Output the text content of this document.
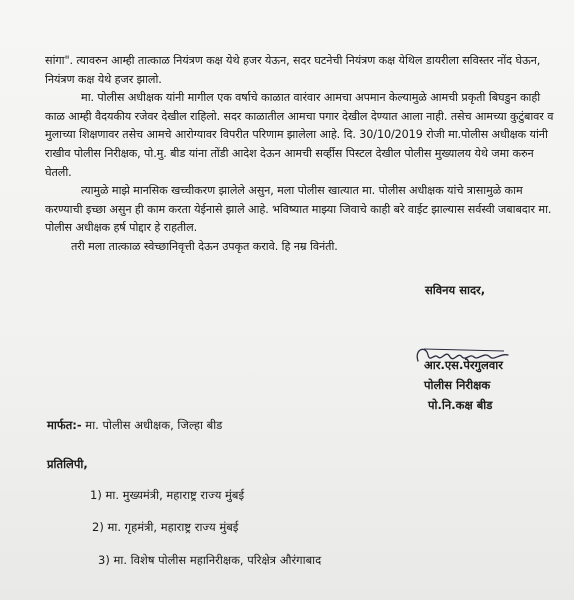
सांगा". त्यावरुन आम्ही तात्काळ नियंत्रण कक्ष येथे हजर येऊन, सदर घटनेची नियंत्रण कक्ष येथिल डायरीला सविस्तर नोंद घेऊन, नियंत्रण कक्ष येथे हजर झालो.

मा. पोलीस अधीक्षक यांनी मागील एक वर्षाचे काळात वारंवार आमचा अपमान केल्यामुळे आमची प्रकृती बिघडुन काही काळ आम्ही वैदयकीय रजेवर देखील राहिलो. सदर काळातील आमचा पगार देखील देण्यात आला नाही. तसेच आमच्या कुटुंबावर व मुलाच्या शिक्षणावर तसेच आमचे आरोग्यावर विपरीत परिणाम झालेला आहे. दि. 30/10/2019 रोजी मा.पोलीस अधीक्षक यांनी राखीव पोलीस निरीक्षक, पो.मु. बीड यांना तोंडी आदेश देऊन आमची सर्व्हीस पिस्टल देखील पोलीस मुख्यालय येथे जमा करुन घेतली.

त्यामुळे माझे मानसिक खच्चीकरण झालेले असुन, मला पोलीस खात्यात मा. पोलीस अधीक्षक यांचे त्रासामुळे काम करण्याची इच्छा असुन ही काम करता येईनासे झाले आहे. भविष्यात माझ्या जिवाचे काही बरे वाईट झाल्यास सर्वस्वी जबाबदार मा. पोलीस अधीक्षक हर्ष पोद्दार हे राहतील.

तरी मला तात्काळ स्वेच्छानिवृत्ती देऊन उपकृत करावे. हि नम्र विनंती.

सविनय सादर,
आर.एस.पेरगुलवार
पोलीस निरीक्षक
पो.नि.कक्ष बीड
मार्फत:- मा. पोलीस अधीक्षक, जिल्हा बीड
प्रतिलिपी,
1) मा. मुख्यमंत्री, महाराष्ट्र राज्य मुंबई
2) मा. गृहमंत्री, महाराष्ट्र राज्य मुंबई
3) मा. विशेष पोलीस महानिरीक्षक, परिक्षेत्र औरंगाबाद
